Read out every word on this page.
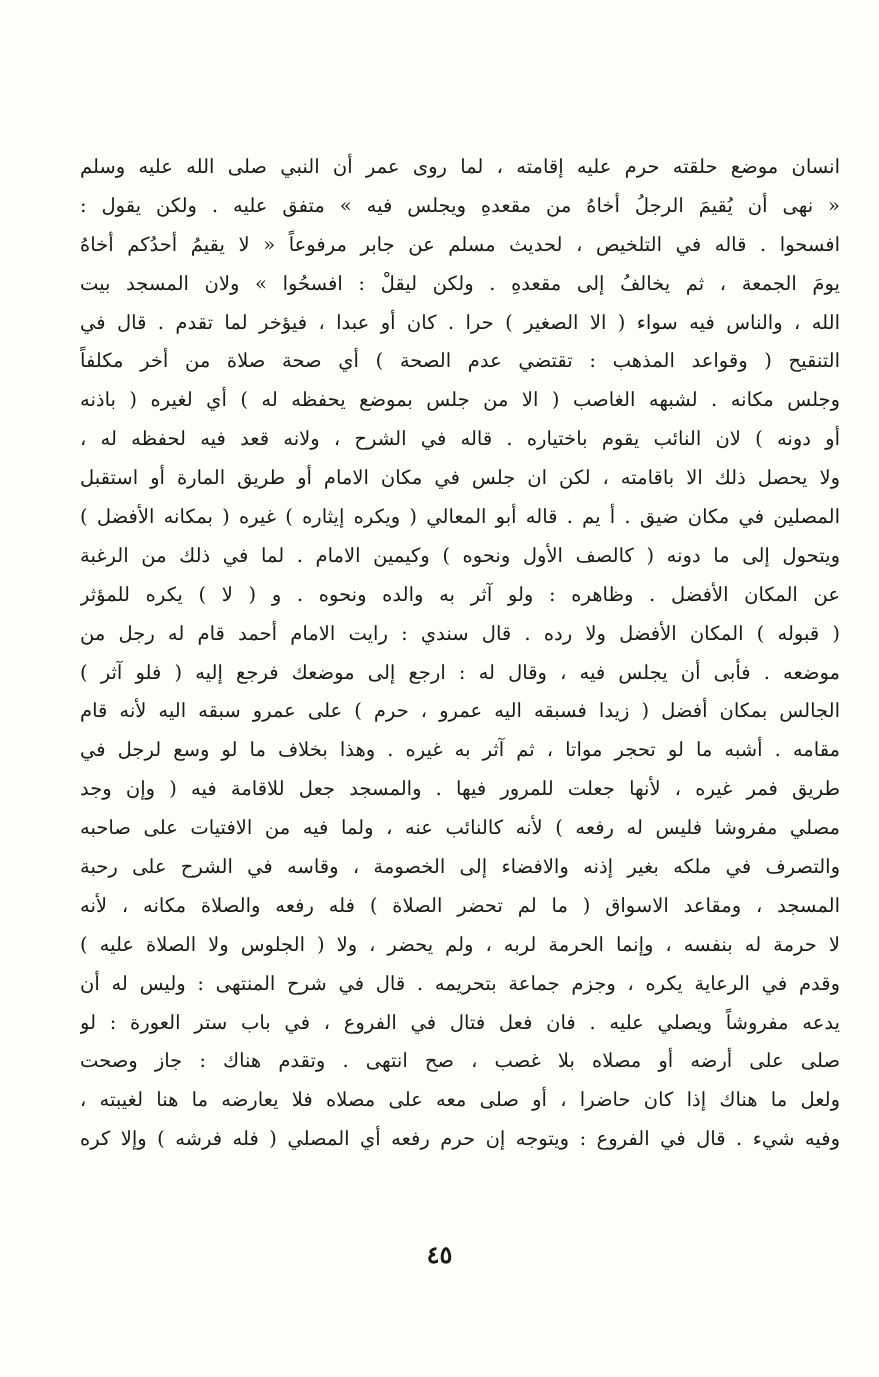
انسان موضع حلقته حرم عليه إقامته ، لما روى عمر أن النبي صلى الله عليه وسلم
« نهى أن يُقيمَ الرجلُ أخاهُ من مقعدهِ ويجلس فيه » متفق عليه . ولكن يقول :
افسحوا . قاله في التلخيص ، لحديث مسلم عن جابر مرفوعاً « لا يقيمُ أحدُكم أخاهُ
يومَ الجمعة ، ثم يخالفُ إلى مقعدهِ . ولكن ليقلْ : افسحُوا » ولان المسجد بيت
الله ، والناس فيه سواء ( الا الصغير ) حرا . كان أو عبدا ، فيؤخر لما تقدم . قال في
التنقيح ( وقواعد المذهب : تقتضي عدم الصحة ) أي صحة صلاة من أخر مكلفاً
وجلس مكانه . لشبهه الغاصب ( الا من جلس بموضع يحفظه له ) أي لغيره ( باذنه
أو دونه ) لان النائب يقوم باختياره . قاله في الشرح ، ولانه قعد فيه لحفظه له ،
ولا يحصل ذلك الا باقامته ، لكن ان جلس في مكان الامام أو طريق المارة أو استقبل
المصلين في مكان ضيق . أ يم . قاله أبو المعالي ( ويكره إيثاره ) غيره ( بمكانه الأفضل )
ويتحول إلى ما دونه ( كالصف الأول ونحوه ) وكيمين الامام . لما في ذلك من الرغبة
عن المكان الأفضل . وظاهره : ولو آثر به والده ونحوه . و ( لا ) يكره للمؤثر
( قبوله ) المكان الأفضل ولا رده . قال سندي : رايت الامام أحمد قام له رجل من
موضعه . فأبى أن يجلس فيه ، وقال له : ارجع إلى موضعك فرجع إليه ( فلو آثر )
الجالس بمكان أفضل ( زيدا فسبقه اليه عمرو ، حرم ) على عمرو سبقه اليه لأنه قام
مقامه . أشبه ما لو تحجر مواتا ، ثم آثر به غيره . وهذا بخلاف ما لو وسع لرجل في
طريق فمر غيره ، لأنها جعلت للمرور فيها . والمسجد جعل للاقامة فيه ( وإن وجد
مصلي مفروشا فليس له رفعه ) لأنه كالنائب عنه ، ولما فيه من الافتيات على صاحبه
والتصرف في ملكه بغير إذنه والافضاء إلى الخصومة ، وقاسه في الشرح على رحبة
المسجد ، ومقاعد الاسواق ( ما لم تحضر الصلاة ) فله رفعه والصلاة مكانه ، لأنه
لا حرمة له بنفسه ، وإنما الحرمة لربه ، ولم يحضر ، ولا ( الجلوس ولا الصلاة عليه )
وقدم في الرعاية يكره ، وجزم جماعة بتحريمه . قال في شرح المنتهى : وليس له أن
يدعه مفروشاً ويصلي عليه . فان فعل فتال في الفروع ، في باب ستر العورة : لو
صلى على أرضه أو مصلاه بلا غصب ، صح انتهى . وتقدم هناك : جاز وصحت
ولعل ما هناك إذا كان حاضرا ، أو صلى معه على مصلاه فلا يعارضه ما هنا لغيبته ،
وفيه شيء . قال في الفروع : ويتوجه إن حرم رفعه أي المصلي ( فله فرشه ) وإلا كره
٤٥
